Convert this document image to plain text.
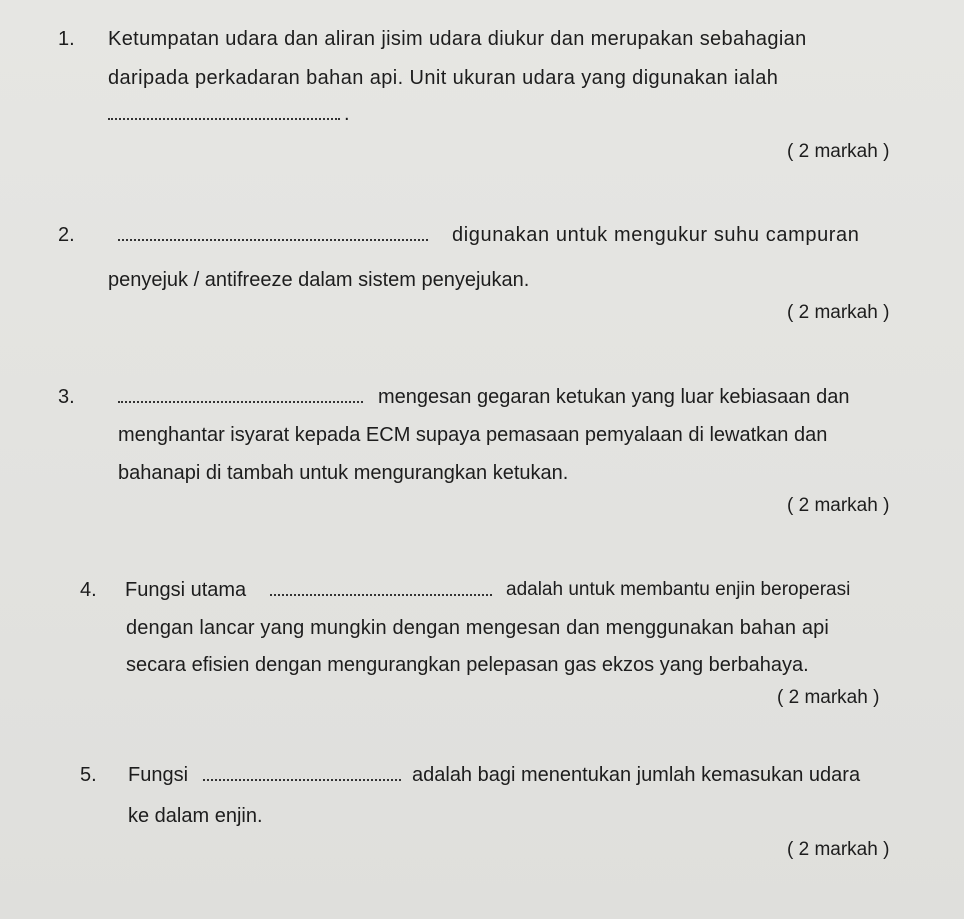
1. Ketumpatan udara dan aliran jisim udara diukur dan merupakan sebahagian
daripada perkadaran bahan api. Unit ukuran udara yang digunakan ialah
.
( 2 markah )
2.	digunakan untuk mengukur suhu campuran
penyejuk / antifreeze dalam sistem penyejukan.
( 2 markah )
3.	mengesan gegaran ketukan yang luar kebiasaan dan
menghantar isyarat kepada ECM supaya pemasaan pemyalaan di lewatkan dan
bahanapi di tambah untuk mengurangkan ketukan.
( 2 markah )
4. Fungsi utama	adalah untuk membantu enjin beroperasi
dengan lancar yang mungkin dengan mengesan dan menggunakan bahan api
secara efisien dengan mengurangkan pelepasan gas ekzos yang berbahaya.
( 2 markah )
5. Fungsi	adalah bagi menentukan jumlah kemasukan udara
ke dalam enjin.
( 2 markah )
